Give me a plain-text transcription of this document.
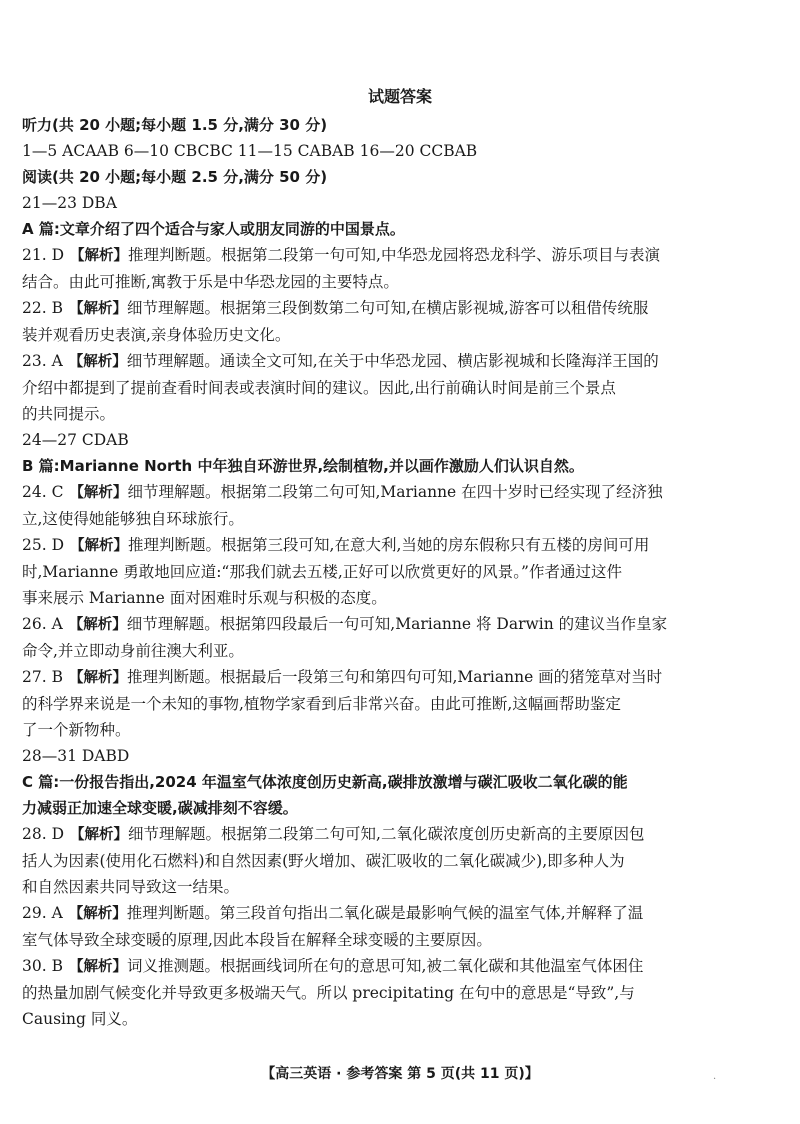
试题答案
听力(共 20 小题;每小题 1.5 分,满分 30 分)
1—5 ACAAB 6—10 CBCBC 11—15 CABAB 16—20 CCBAB
阅读(共 20 小题;每小题 2.5 分,满分 50 分)
21—23 DBA
A 篇:文章介绍了四个适合与家人或朋友同游的中国景点。
21. D 【解析】推理判断题。根据第二段第一句可知,中华恐龙园将恐龙科学、游乐项目与表演
结合。由此可推断,寓教于乐是中华恐龙园的主要特点。
22. B 【解析】细节理解题。根据第三段倒数第二句可知,在横店影视城,游客可以租借传统服
装并观看历史表演,亲身体验历史文化。
23. A 【解析】细节理解题。通读全文可知,在关于中华恐龙园、横店影视城和长隆海洋王国的
介绍中都提到了提前查看时间表或表演时间的建议。因此,出行前确认时间是前三个景点
的共同提示。
24—27 CDAB
B 篇:Marianne North 中年独自环游世界,绘制植物,并以画作激励人们认识自然。
24. C 【解析】细节理解题。根据第二段第二句可知,Marianne 在四十岁时已经实现了经济独
立,这使得她能够独自环球旅行。
25. D 【解析】推理判断题。根据第三段可知,在意大利,当她的房东假称只有五楼的房间可用
时,Marianne 勇敢地回应道:“那我们就去五楼,正好可以欣赏更好的风景。”作者通过这件
事来展示 Marianne 面对困难时乐观与积极的态度。
26. A 【解析】细节理解题。根据第四段最后一句可知,Marianne 将 Darwin 的建议当作皇家
命令,并立即动身前往澳大利亚。
27. B 【解析】推理判断题。根据最后一段第三句和第四句可知,Marianne 画的猪笼草对当时
的科学界来说是一个未知的事物,植物学家看到后非常兴奋。由此可推断,这幅画帮助鉴定
了一个新物种。
28—31 DABD
C 篇:一份报告指出,2024 年温室气体浓度创历史新高,碳排放激增与碳汇吸收二氧化碳的能
力减弱正加速全球变暖,碳减排刻不容缓。
28. D 【解析】细节理解题。根据第二段第二句可知,二氧化碳浓度创历史新高的主要原因包
括人为因素(使用化石燃料)和自然因素(野火增加、碳汇吸收的二氧化碳减少),即多种人为
和自然因素共同导致这一结果。
29. A 【解析】推理判断题。第三段首句指出二氧化碳是最影响气候的温室气体,并解释了温
室气体导致全球变暖的原理,因此本段旨在解释全球变暖的主要原因。
30. B 【解析】词义推测题。根据画线词所在句的意思可知,被二氧化碳和其他温室气体困住
的热量加剧气候变化并导致更多极端天气。所以 precipitating 在句中的意思是“导致”,与
Causing 同义。
【高三英语 · 参考答案 第 5 页(共 11 页)】	·
